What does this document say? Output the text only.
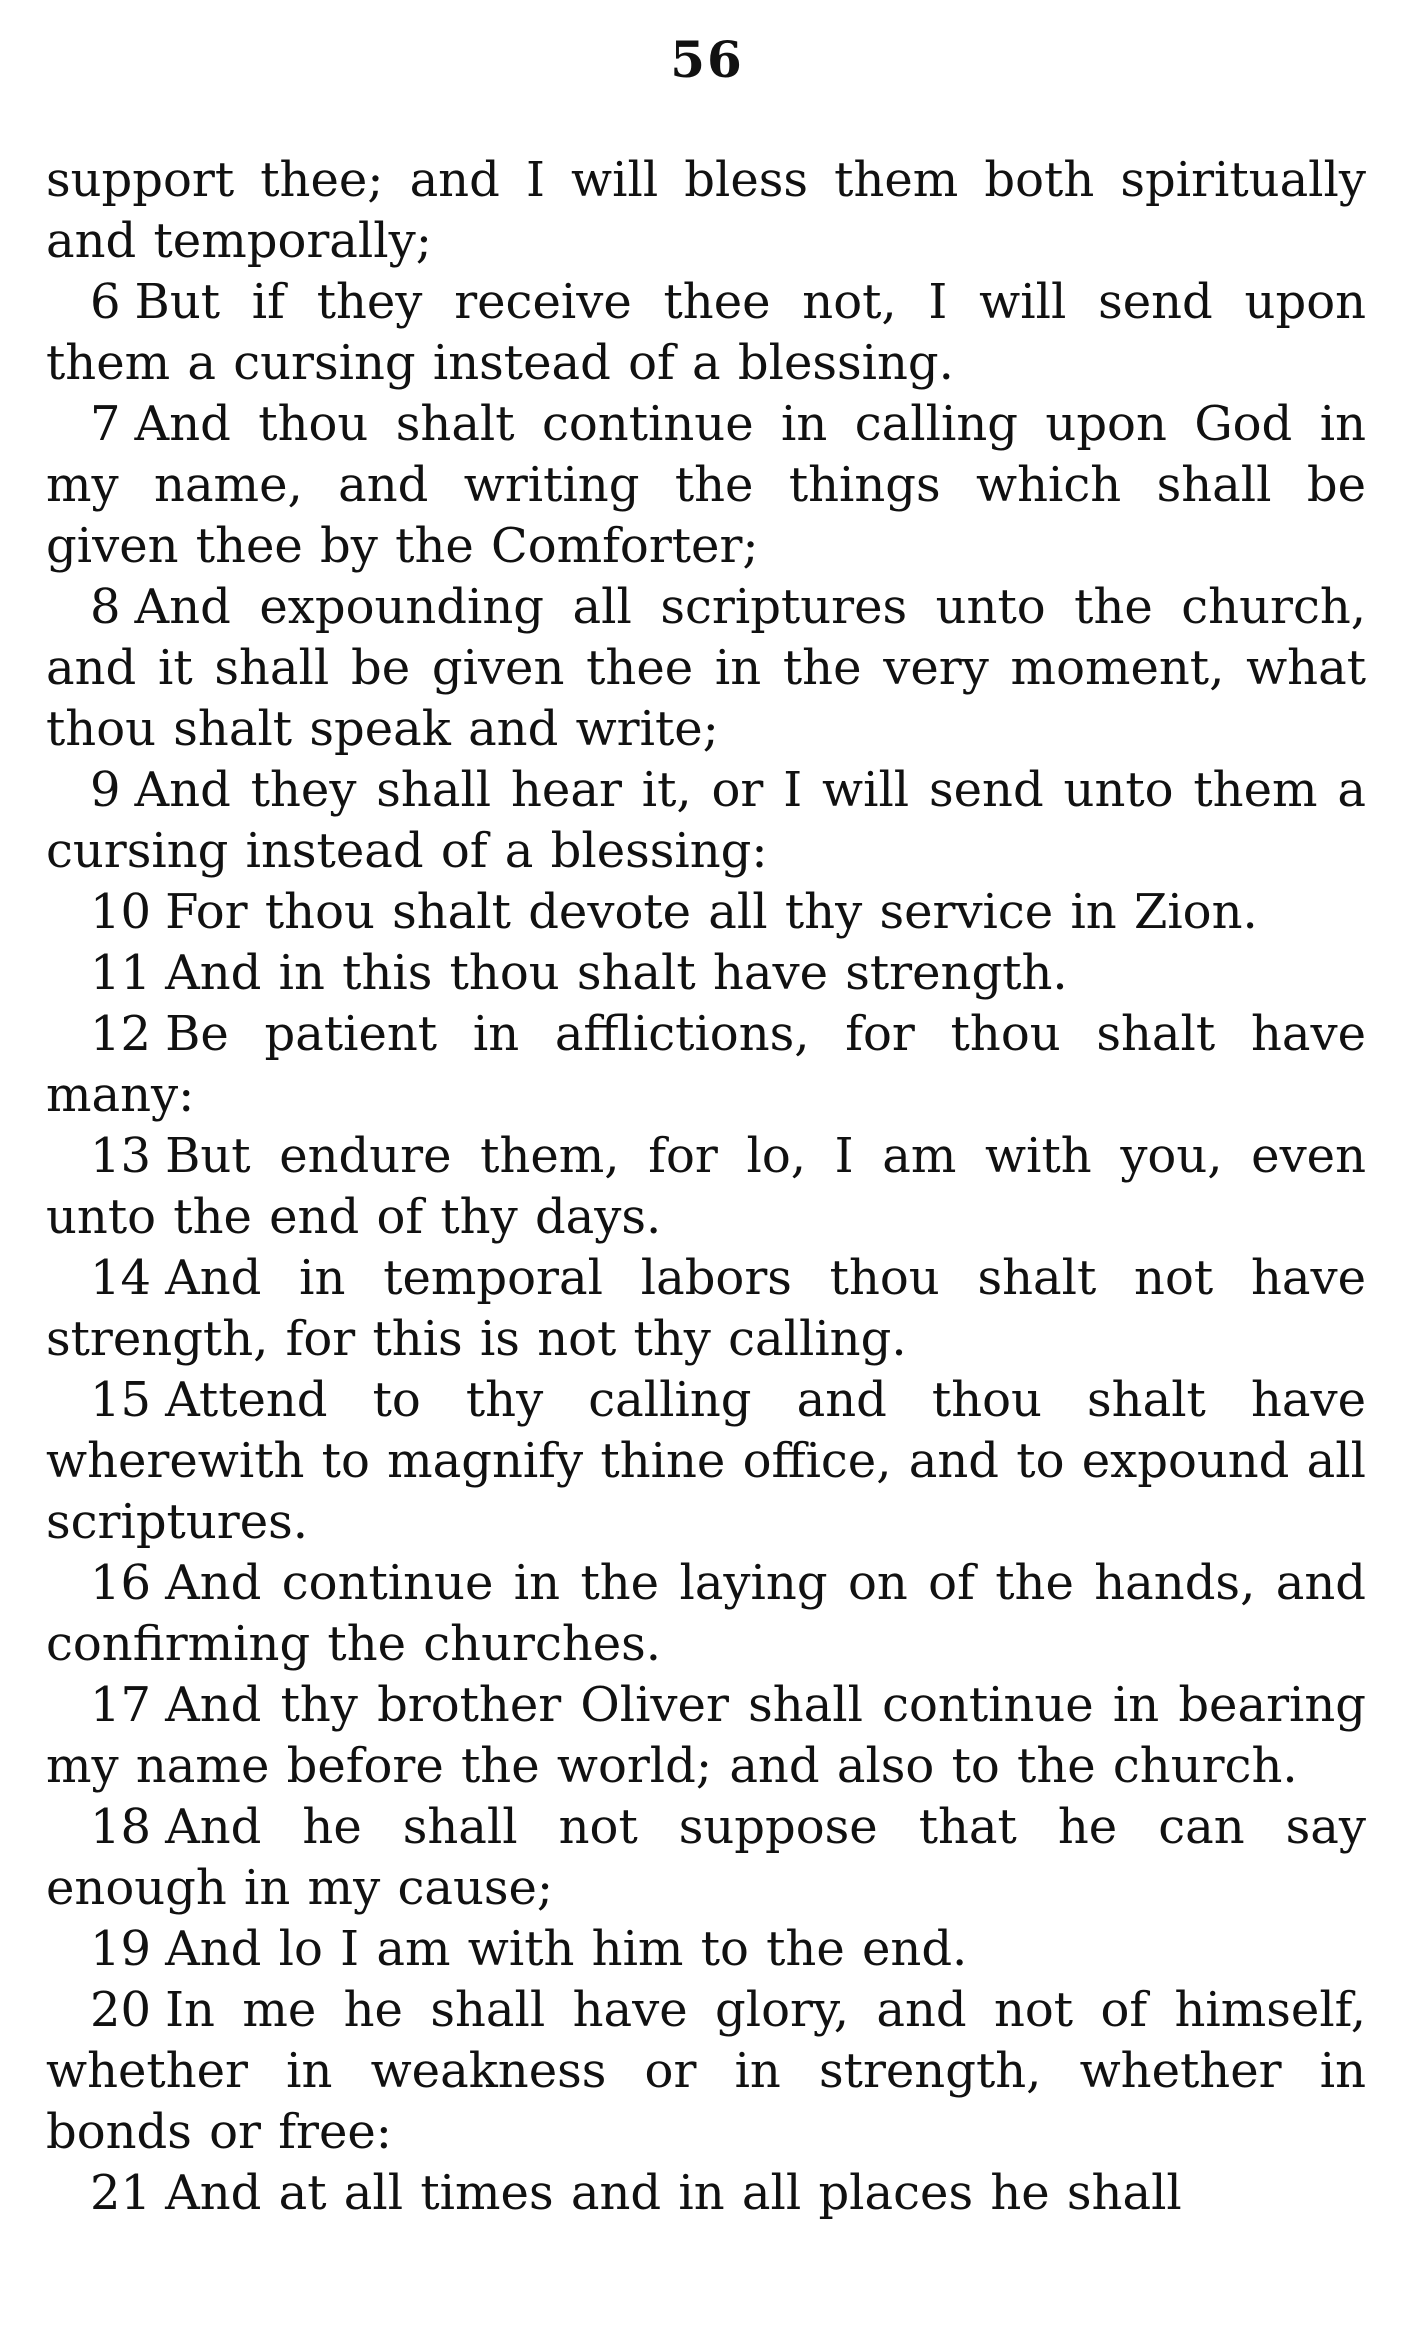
56

support thee; and I will bless them both spiritually and temporally;

6 But if they receive thee not, I will send upon them a cursing instead of a blessing.

7 And thou shalt continue in calling upon God in my name, and writing the things which shall be given thee by the Comforter;

8 And expounding all scriptures unto the church, and it shall be given thee in the very moment, what thou shalt speak and write;

9 And they shall hear it, or I will send unto them a cursing instead of a blessing:

10 For thou shalt devote all thy service in Zion.

11 And in this thou shalt have strength.

12 Be patient in afflictions, for thou shalt have many:

13 But endure them, for lo, I am with you, even unto the end of thy days.

14 And in temporal labors thou shalt not have strength, for this is not thy calling.

15 Attend to thy calling and thou shalt have wherewith to magnify thine office, and to expound all scriptures.

16 And continue in the laying on of the hands, and confirming the churches.

17 And thy brother Oliver shall continue in bearing my name before the world; and also to the church.

18 And he shall not suppose that he can say enough in my cause;

19 And lo I am with him to the end.

20 In me he shall have glory, and not of himself, whether in weakness or in strength, whether in bonds or free:

21 And at all times and in all places he shall
